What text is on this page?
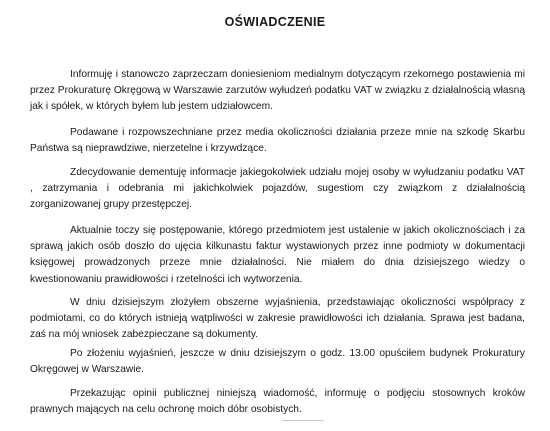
OŚWIADCZENIE

Informuję i stanowczo zaprzeczam doniesieniom medialnym dotyczącym rzekomego postawienia mi przez Prokuraturę Okręgową w Warszawie zarzutów wyłudzeń podatku VAT w związku z działalnością własną jak i spółek, w których byłem lub jestem udziałowcem.

Podawane i rozpowszechniane przez media okoliczności działania przeze mnie na szkodę Skarbu Państwa są nieprawdziwe, nierzetelne i krzywdzące.

Zdecydowanie dementuję informacje jakiegokolwiek udziału mojej osoby w wyłudzaniu podatku VAT , zatrzymania i odebrania mi jakichkolwiek pojazdów, sugestiom czy związkom z działalnością zorganizowanej grupy przestępczej.

Aktualnie toczy się postępowanie, którego przedmiotem jest ustalenie w jakich okolicznościach i za sprawą jakich osób doszło do ujęcia kilkunastu faktur wystawionych przez inne podmioty w dokumentacji księgowej prowadzonych przeze mnie działalności. Nie miałem do dnia dzisiejszego wiedzy o kwestionowaniu prawidłowości i rzetelności ich wytworzenia.

W dniu dzisiejszym złożyłem obszerne wyjaśnienia, przedstawiając okoliczności współpracy z podmiotami, co do których istnieją wątpliwości w zakresie prawidłowości ich działania. Sprawa jest badana, zaś na mój wniosek zabezpieczane są dokumenty.

Po złożeniu wyjaśnień, jeszcze w dniu dzisiejszym o godz. 13.00 opuściłem budynek Prokuratury Okręgowej w Warszawie.

Przekazując opinii publicznej niniejszą wiadomość, informuję o podjęciu stosownych kroków prawnych mających na celu ochronę moich dóbr osobistych.
